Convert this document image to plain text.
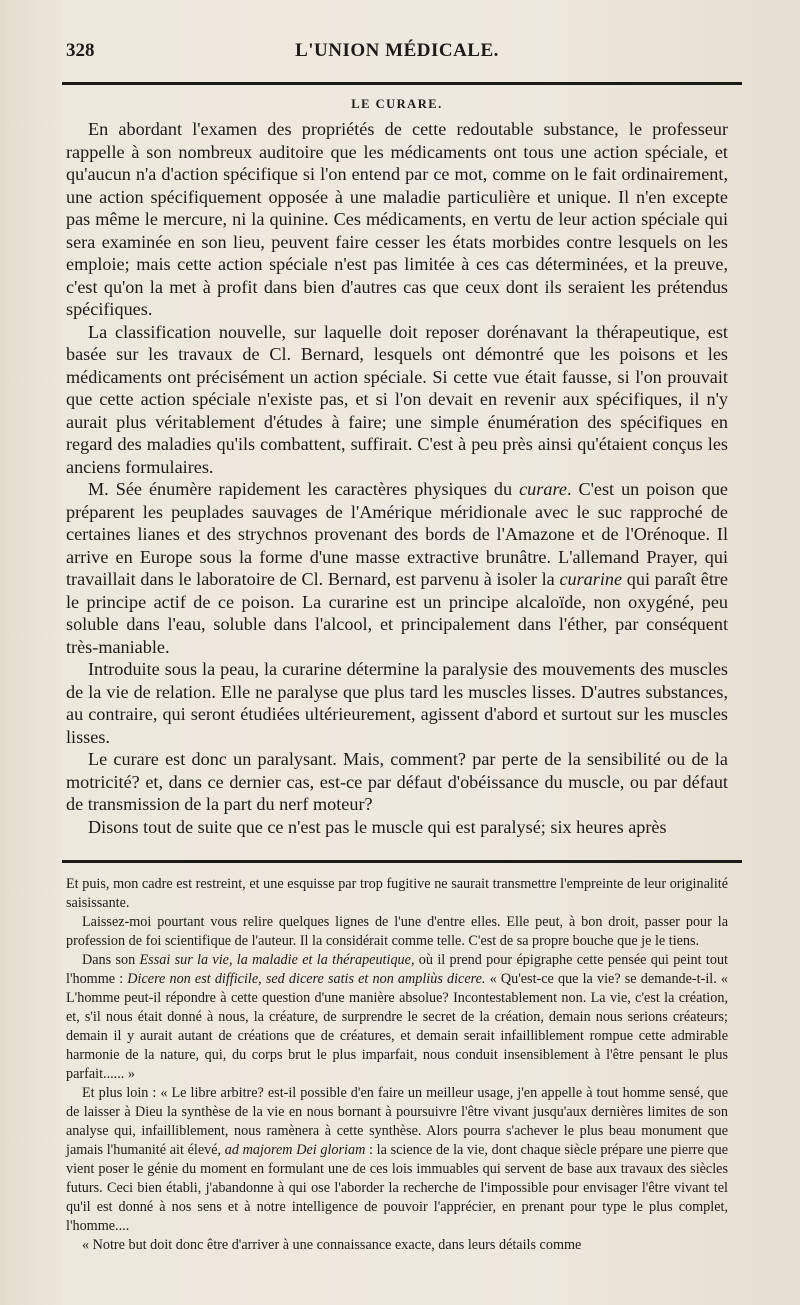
328	L'UNION MÉDICALE.
LE CURARE.

En abordant l'examen des propriétés de cette redoutable substance, le professeur rappelle à son nombreux auditoire que les médicaments ont tous une action spéciale, et qu'aucun n'a d'action spécifique si l'on entend par ce mot, comme on le fait ordinairement, une action spécifiquement opposée à une maladie particulière et unique. Il n'en excepte pas même le mercure, ni la quinine. Ces médicaments, en vertu de leur action spéciale qui sera examinée en son lieu, peuvent faire cesser les états morbides contre lesquels on les emploie; mais cette action spéciale n'est pas limitée à ces cas déterminées, et la preuve, c'est qu'on la met à profit dans bien d'autres cas que ceux dont ils seraient les prétendus spécifiques.

La classification nouvelle, sur laquelle doit reposer dorénavant la thérapeutique, est basée sur les travaux de Cl. Bernard, lesquels ont démontré que les poisons et les médicaments ont précisément un action spéciale. Si cette vue était fausse, si l'on prouvait que cette action spéciale n'existe pas, et si l'on devait en revenir aux spécifiques, il n'y aurait plus véritablement d'études à faire; une simple énumération des spécifiques en regard des maladies qu'ils combattent, suffirait. C'est à peu près ainsi qu'étaient conçus les anciens formulaires.

M. Sée énumère rapidement les caractères physiques du curare. C'est un poison que préparent les peuplades sauvages de l'Amérique méridionale avec le suc rapproché de certaines lianes et des strychnos provenant des bords de l'Amazone et de l'Orénoque. Il arrive en Europe sous la forme d'une masse extractive brunâtre. L'allemand Prayer, qui travaillait dans le laboratoire de Cl. Bernard, est parvenu à isoler la curarine qui paraît être le principe actif de ce poison. La curarine est un principe alcaloïde, non oxygéné, peu soluble dans l'eau, soluble dans l'alcool, et principalement dans l'éther, par conséquent très-maniable.

Introduite sous la peau, la curarine détermine la paralysie des mouvements des muscles de la vie de relation. Elle ne paralyse que plus tard les muscles lisses. D'autres substances, au contraire, qui seront étudiées ultérieurement, agissent d'abord et surtout sur les muscles lisses.

Le curare est donc un paralysant. Mais, comment? par perte de la sensibilité ou de la motricité? et, dans ce dernier cas, est-ce par défaut d'obéissance du muscle, ou par défaut de transmission de la part du nerf moteur?

Disons tout de suite que ce n'est pas le muscle qui est paralysé; six heures après

Et puis, mon cadre est restreint, et une esquisse par trop fugitive ne saurait transmettre l'empreinte de leur originalité saisissante.

Laissez-moi pourtant vous relire quelques lignes de l'une d'entre elles. Elle peut, à bon droit, passer pour la profession de foi scientifique de l'auteur. Il la considérait comme telle. C'est de sa propre bouche que je le tiens.

Dans son Essai sur la vie, la maladie et la thérapeutique, où il prend pour épigraphe cette pensée qui peint tout l'homme : Dicere non est difficile, sed dicere satis et non ampliùs dicere. « Qu'est-ce que la vie? se demande-t-il. « L'homme peut-il répondre à cette question d'une manière absolue? Incontestablement non. La vie, c'est la création, et, s'il nous était donné à nous, la créature, de surprendre le secret de la création, demain nous serions créateurs; demain il y aurait autant de créations que de créatures, et demain serait infailliblement rompue cette admirable harmonie de la nature, qui, du corps brut le plus imparfait, nous conduit insensiblement à l'être pensant le plus parfait...... »

Et plus loin : « Le libre arbitre? est-il possible d'en faire un meilleur usage, j'en appelle à tout homme sensé, que de laisser à Dieu la synthèse de la vie en nous bornant à poursuivre l'être vivant jusqu'aux dernières limites de son analyse qui, infailliblement, nous ramènera à cette synthèse. Alors pourra s'achever le plus beau monument que jamais l'humanité ait élevé, ad majorem Dei gloriam : la science de la vie, dont chaque siècle prépare une pierre que vient poser le génie du moment en formulant une de ces lois immuables qui servent de base aux travaux des siècles futurs. Ceci bien établi, j'abandonne à qui ose l'aborder la recherche de l'impossible pour envisager l'être vivant tel qu'il est donné à nos sens et à notre intelligence de pouvoir l'apprécier, en prenant pour type le plus complet, l'homme....

« Notre but doit donc être d'arriver à une connaissance exacte, dans leurs détails comme
